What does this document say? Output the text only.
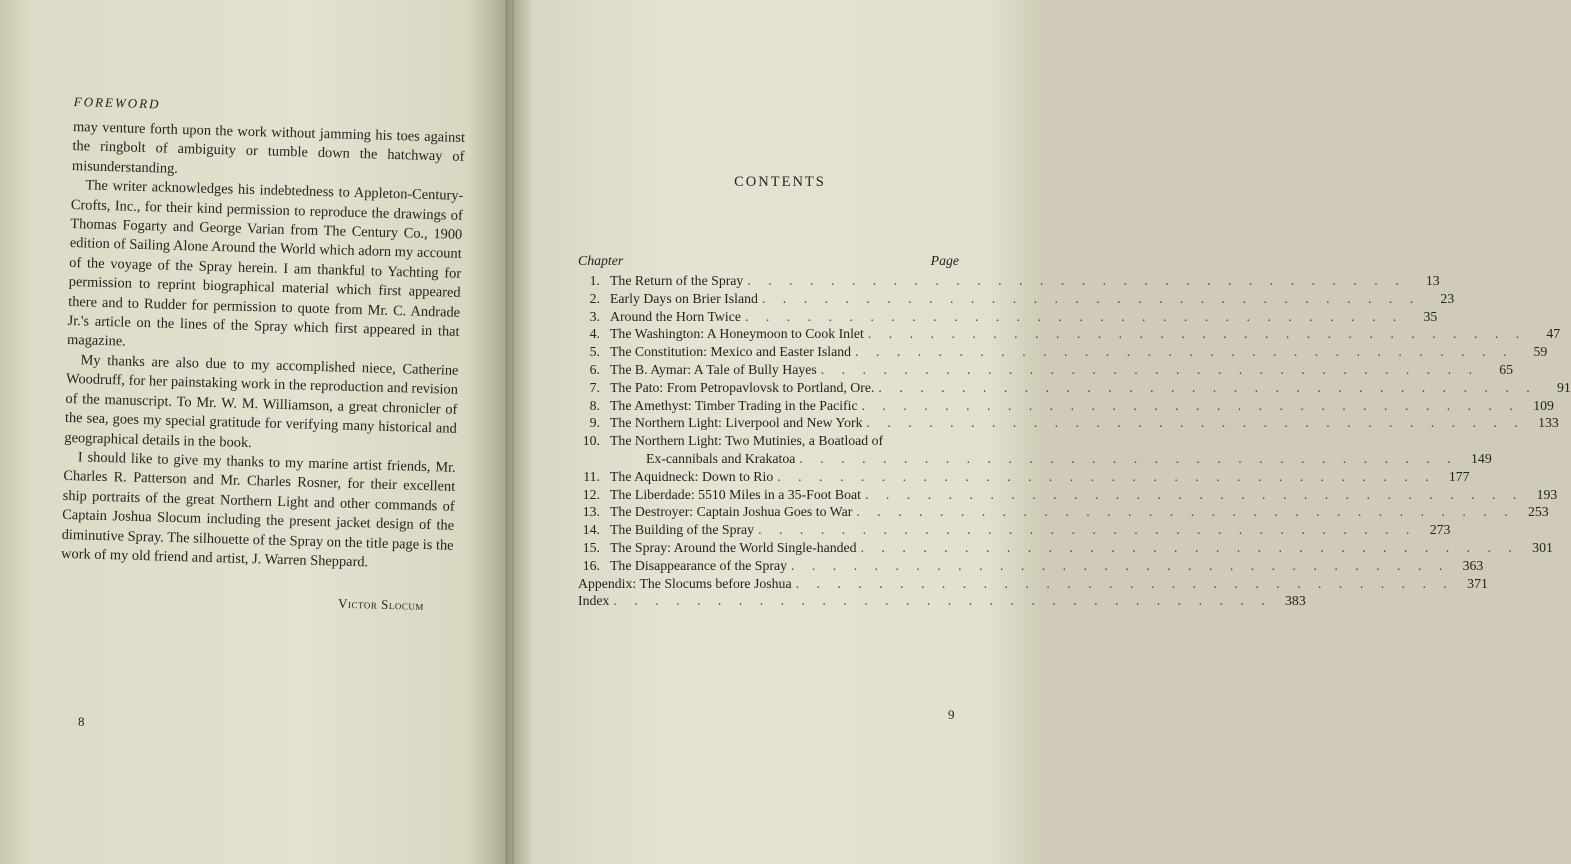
FOREWORD

may venture forth upon the work without jamming his toes against the ringbolt of ambiguity or tumble down the hatchway of misunderstanding.

The writer acknowledges his indebtedness to Appleton-Century-Crofts, Inc., for their kind permission to reproduce the drawings of Thomas Fogarty and George Varian from The Century Co., 1900 edition of Sailing Alone Around the World which adorn my account of the voyage of the Spray herein. I am thankful to Yachting for permission to reprint biographical material which first appeared there and to Rudder for permission to quote from Mr. C. Andrade Jr.'s article on the lines of the Spray which first appeared in that magazine.

My thanks are also due to my accomplished niece, Catherine Woodruff, for her painstaking work in the reproduction and revision of the manuscript. To Mr. W. M. Williamson, a great chronicler of the sea, goes my special gratitude for verifying many historical and geographical details in the book.

I should like to give my thanks to my marine artist friends, Mr. Charles R. Patterson and Mr. Charles Rosner, for their excellent ship portraits of the great Northern Light and other commands of Captain Joshua Slocum including the present jacket design of the diminutive Spray. The silhouette of the Spray on the title page is the work of my old friend and artist, J. Warren Sheppard.

Victor Slocum
8
CONTENTS
Chapter	Page
1. The Return of the Spray . . . . . . . . . . . . . . . . . . . . . . . . . . . . . . . .	13
2. Early Days on Brier Island . . . . . . . . . . . . . . . . . . . . . . . . . . . . . . . .	23
3. Around the Horn Twice . . . . . . . . . . . . . . . . . . . . . . . . . . . . . . . .	35
4. The Washington: A Honeymoon to Cook Inlet . . . . . . . . . . . . . . . . . . . . . . . . . . . . . . . .	47
5. The Constitution: Mexico and Easter Island . . . . . . . . . . . . . . . . . . . . . . . . . . . . . . . .	59
6. The B. Aymar: A Tale of Bully Hayes . . . . . . . . . . . . . . . . . . . . . . . . . . . . . . . .	65
7. The Pato: From Petropavlovsk to Portland, Ore. . . . . . . . . . . . . . . . . . . . . . . . . . . . . . . . .	91
8. The Amethyst: Timber Trading in the Pacific . . . . . . . . . . . . . . . . . . . . . . . . . . . . . . . . 109
9. The Northern Light: Liverpool and New York . . . . . . . . . . . . . . . . . . . . . . . . . . . . . . . . 133
10. The Northern Light: Two Mutinies, a Boatload of
Ex-cannibals and Krakatoa . . . . . . . . . . . . . . . . . . . . . . . . . . . . . . . . 149
11. The Aquidneck: Down to Rio . . . . . . . . . . . . . . . . . . . . . . . . . . . . . . . . 177
12. The Liberdade: 5510 Miles in a 35-Foot Boat . . . . . . . . . . . . . . . . . . . . . . . . . . . . . . . . 193
13. The Destroyer: Captain Joshua Goes to War . . . . . . . . . . . . . . . . . . . . . . . . . . . . . . . . 253
14. The Building of the Spray . . . . . . . . . . . . . . . . . . . . . . . . . . . . . . . . 273
15. The Spray: Around the World Single-handed . . . . . . . . . . . . . . . . . . . . . . . . . . . . . . . . 301
16. The Disappearance of the Spray . . . . . . . . . . . . . . . . . . . . . . . . . . . . . . . . 363
Appendix: The Slocums before Joshua . . . . . . . . . . . . . . . . . . . . . . . . . . . . . . . . 371
Index . . . . . . . . . . . . . . . . . . . . . . . . . . . . . . . . 383
9
